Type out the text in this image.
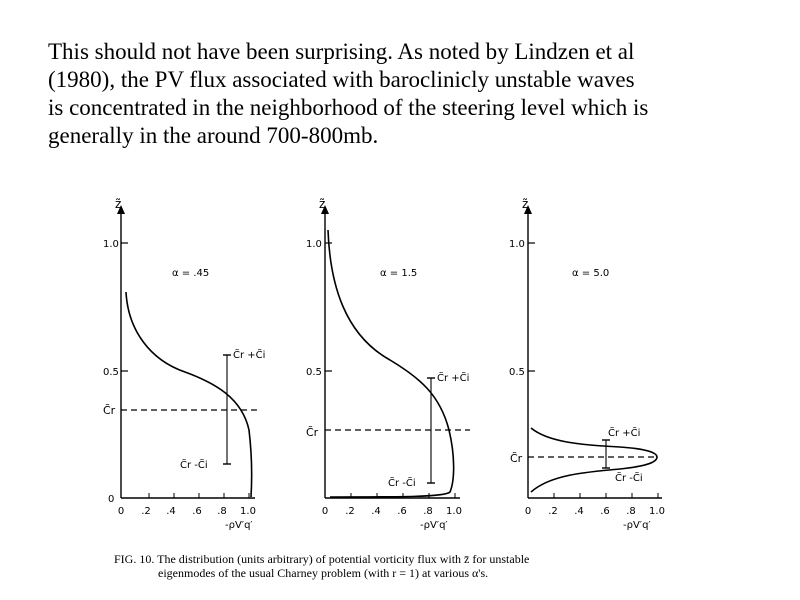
This should not have been surprising. As noted by Lindzen et al
(1980), the PV flux associated with baroclinicly unstable waves
is concentrated in the neighborhood of the steering level which is
generally in the around 700-800mb.
z̃
1.0
0.5
0
C̃r
0 .2 .4 .6 .8 1.0
-ρV′q′
α = .45
C̃r +C̃i
C̃r -C̃i
z̃
1.0
0.5
C̃r
0 .2 .4 .6 .8 1.0
-ρV′q′
α = 1.5
C̃r +C̃i
C̃r -C̃i
z̃
1.0
0.5
C̃r
0 .2 .4 .6 .8 1.0
-ρV′q′
α = 5.0
C̃r +C̃i
C̃r -C̃i
FIG. 10. The distribution (units arbitrary) of potential vorticity flux with z̄ for unstable
eigenmodes of the usual Charney problem (with r = 1) at various α's.
